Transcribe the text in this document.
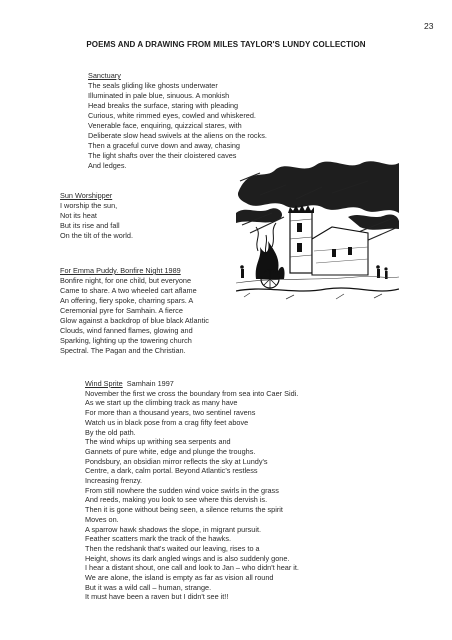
23
POEMS AND A DRAWING FROM MILES TAYLOR'S LUNDY COLLECTION
Sanctuary
The seals gliding like ghosts underwater
Illuminated in pale blue, sinuous. A monkish
Head breaks the surface, staring with pleading
Curious, white rimmed eyes, cowled and whiskered.
Venerable face, enquiring, quizzical stares, with
Deliberate slow head swivels at the aliens on the rocks.
Then a graceful curve down and away, chasing
The light shafts over the their cloistered caves
And ledges.
Sun Worshipper
I worship the sun,
Not its heat
But its rise and fall
On the tilt of the world.
For Emma Puddy. Bonfire Night 1989
Bonfire night, for one child, but everyone
Came to share. A two wheeled cart aflame
An offering, fiery spoke, charring spars. A
Ceremonial pyre for Samhain. A fierce
Glow against a backdrop of blue black Atlantic
Clouds, wind fanned flames, glowing and
Sparking, lighting up the towering church
Spectral. The Pagan and the Christian.
Wind Sprite  Samhain 1997
November the first we cross the boundary from sea into Caer Sidi.
As we start up the climbing track as many have
For more than a thousand years, two sentinel ravens
Watch us in black pose from a crag fifty feet above
By the old path.
The wind whips up writhing sea serpents and
Gannets of pure white, edge and plunge the troughs.
Pondsbury, an obsidian mirror reflects the sky at Lundy's
Centre, a dark, calm portal. Beyond Atlantic's restless
Increasing frenzy.
From still nowhere the sudden wind voice swirls in the grass
And reeds, making you look to see where this dervish is.
Then it is gone without being seen, a silence returns the spirit
Moves on.
A sparrow hawk shadows the slope, in migrant pursuit.
Feather scatters mark the track of the hawks.
Then the redshank that's waited our leaving, rises to a
Height, shows its dark angled wings and is also suddenly gone.
I hear a distant shout, one call and look to Jan – who didn't hear it.
We are alone, the island is empty as far as vision all round
But it was a wild call – human, strange.
It must have been a raven but I didn't see it!!
